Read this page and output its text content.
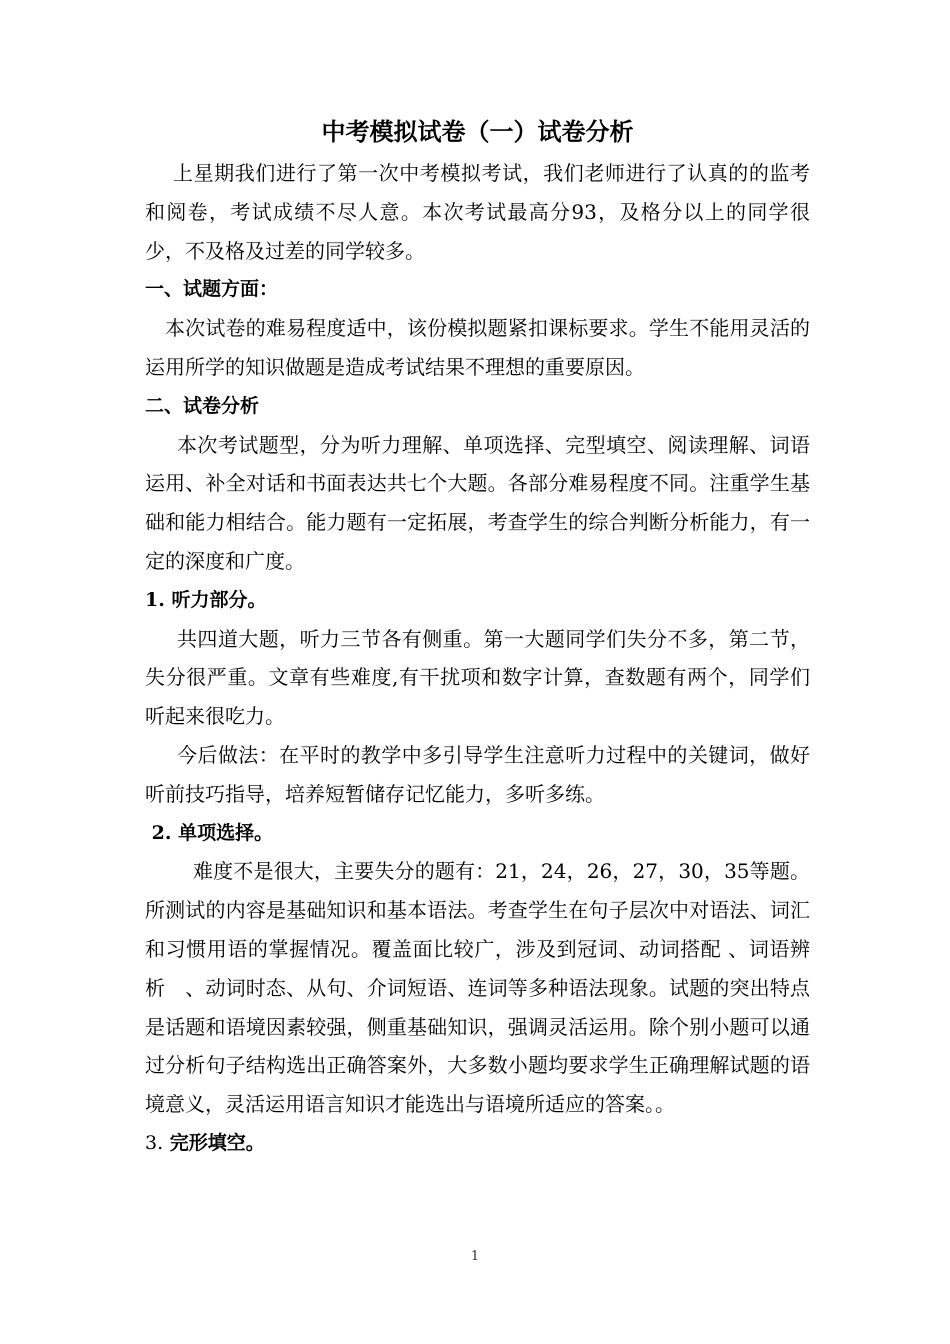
中考模拟试卷（一）试卷分析

上星期我们进行了第一次中考模拟考试，我们老师进行了认真的的监考和阅卷，考试成绩不尽人意。本次考试最高分93，及格分以上的同学很少，不及格及过差的同学较多。

一、试题方面：

本次试卷的难易程度适中，该份模拟题紧扣课标要求。学生不能用灵活的运用所学的知识做题是造成考试结果不理想的重要原因。

二、试卷分析

本次考试题型，分为听力理解、单项选择、完型填空、阅读理解、词语运用、补全对话和书面表达共七个大题。各部分难易程度不同。注重学生基础和能力相结合。能力题有一定拓展，考查学生的综合判断分析能力，有一定的深度和广度。

1. 听力部分。

共四道大题，听力三节各有侧重。第一大题同学们失分不多，第二节，失分很严重。文章有些难度,有干扰项和数字计算，查数题有两个，同学们听起来很吃力。

今后做法：在平时的教学中多引导学生注意听力过程中的关键词，做好听前技巧指导，培养短暂储存记忆能力，多听多练。

2. 单项选择。

难度不是很大，主要失分的题有：21，24，26，27，30，35等题。所测试的内容是基础知识和基本语法。考查学生在句子层次中对语法、词汇和习惯用语的掌握情况。覆盖面比较广，涉及到冠词、动词搭配 、词语辨析　、动词时态、从句、介词短语、连词等多种语法现象。试题的突出特点是话题和语境因素较强，侧重基础知识，强调灵活运用。除个别小题可以通过分析句子结构选出正确答案外，大多数小题均要求学生正确理解试题的语境意义，灵活运用语言知识才能选出与语境所适应的答案。。

3. 完形填空。

1
